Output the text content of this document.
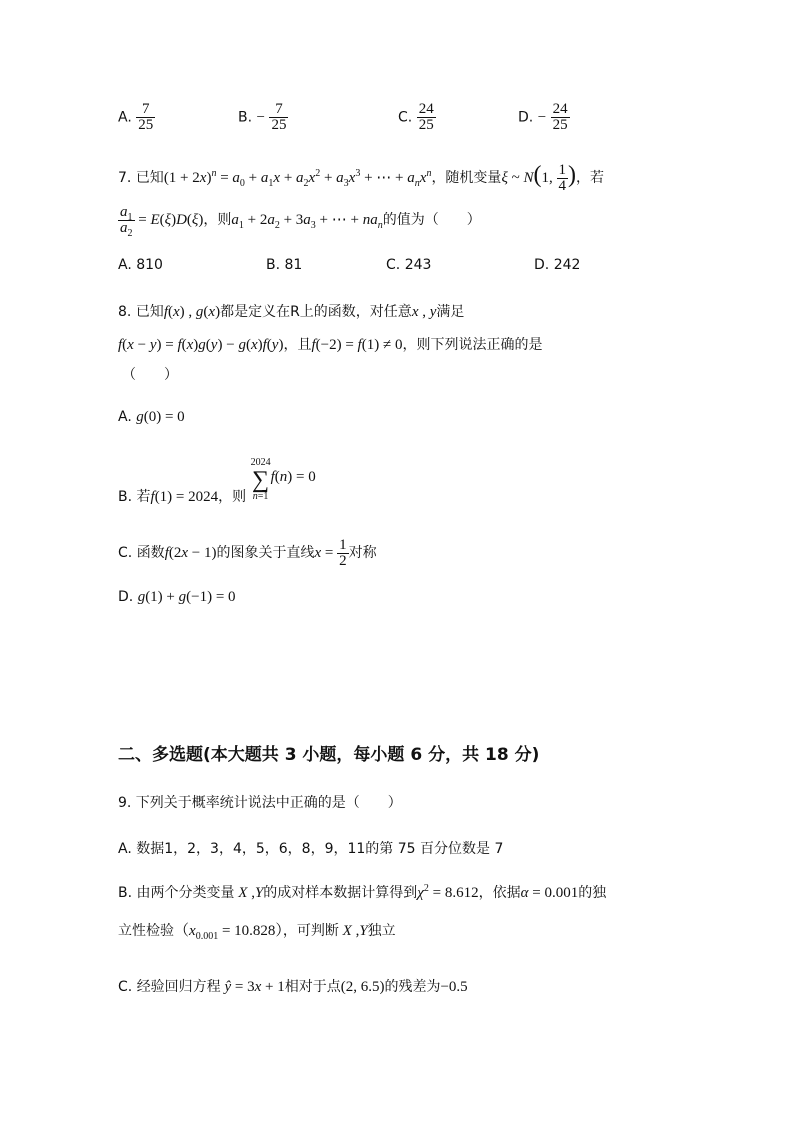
A. $\frac{7}{25}$	B. − $\frac{7}{25}$	C. $\frac{24}{25}$	D. − $\frac{24}{25}$
7. 已知$(1 + 2x)^n = a_0 + a_1x + a_2x^2 + a_3x^3$ + ⋯ + $a_nx^n$，随机变量ξ ~ N(1, $\frac{1}{4}$ )，若
$\frac{a_1}{a_2} = E(\xi)D(\xi)$，则$a_1 + 2a_2 + 3a_3$ + ⋯ + $na_n$的值为（　　）
A. 810	B. 81	C. 243	D. 242
8. 已知f(x) , g(x)都是定义在R上的函数，对任意x , y满足
f(x − y) = f(x)g(y) − g(x)f(y)，且f(−2) = f(1) ≠ 0，则下列说法正确的是
（　　）
A. g(0) = 0
B. 若f(1) = 2024，则
2024
∑
n=1
f(n) = 0
C. 函数f(2x − 1)的图象关于直线$x = \frac{1}{2}$ 对称
D. g(1) + g(−1) = 0
二、多选题(本大题共 3 小题，每小题 6 分，共 18 分)
9. 下列关于概率统计说法中正确的是（　　）
A. 数据1，2，3，4，5，6，8，9，11的第 75 百分位数是 7
B. 由两个分类变量 X ,Y的成对样本数据计算得到$\chi^2 = 8.612$，依据α = 0.001的独
立性检验$(x_{0.001} = 10.828)$，可判断 X ,Y独立
C. 经验回归方程 ŷ = 3x + 1相对于点(2, 6.5)的残差为−0.5
